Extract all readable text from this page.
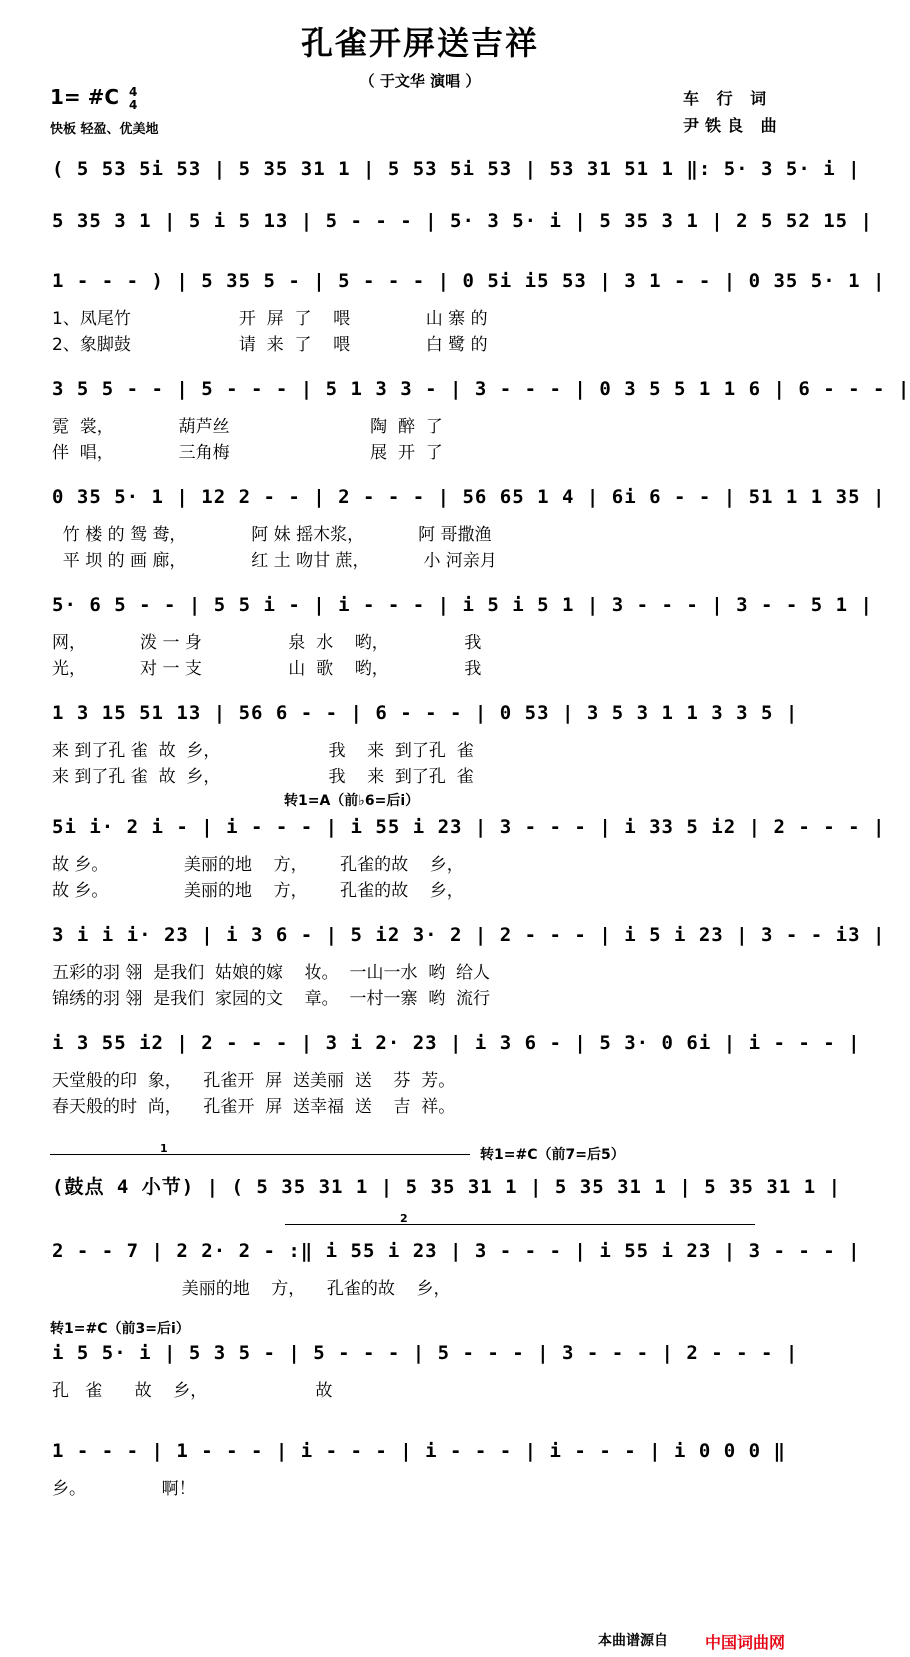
孔雀开屏送吉祥
（ 于文华 演唱 ）
1= #C 4
4
快板 轻盈、优美地
车 行 词
尹铁良 曲
( 5 53 5i 53 | 5 35 31 1 | 5 53 5i 53 | 53 31 51 1 ‖: 5· 3 5· i |
5 35 3 1 | 5 i 5 13 | 5 - - - | 5· 3 5· i | 5 35 3 1 | 2 5 52 15 |
1 - - - ) | 5 35 5 - | 5 - - - | 0 5i i5 53 | 3 1 - - | 0 35 5· 1 |
1、凤尾竹                    开  屏  了    喂              山 寨 的
2、象脚鼓                    请  来  了    喂              白 鹭 的
3 5 5 - - | 5 - - - | 5 1 3 3 - | 3 - - - | 0 3 5 5 1 1 6 | 6 - - - |
霓  裳，            葫芦丝                          陶  醉  了
伴  唱，            三角梅                          展  开  了
0 35 5· 1 | 12 2 - - | 2 - - - | 56 65 1 4 | 6i 6 - - | 51 1 1 35 |
竹 楼 的 鸳 鸯，            阿 妹 摇木浆，          阿 哥撒渔
平 坝 的 画 廊，            红 土 吻甘 蔗，          小 河亲月
5· 6 5 - - | 5 5 i - | i - - - | i 5 i 5 1 | 3 - - - | 3 - - 5 1 |
网，          泼 一 身                泉  水    哟，              我
光，          对 一 支                山  歌    哟，              我
1 3 15 51 13 | 56 6 - - | 6 - - - | 0 53 | 3 5 3 1 1 3 3 5 |
来 到了孔 雀  故  乡，                    我    来  到了孔  雀
来 到了孔 雀  故  乡，                    我    来  到了孔  雀
转1=A（前♭6=后i）
5i i· 2 i - | i - - - | i 55 i 23 | 3 - - - | i 33 5 i2 | 2 - - - |
故 乡。              美丽的地    方，      孔雀的故    乡，
故 乡。              美丽的地    方，      孔雀的故    乡，
3 i i i· 23 | i 3 6 - | 5 i2 3· 2 | 2 - - - | i 5 i 23 | 3 - - i3 |
五彩的羽 翎  是我们  姑娘的嫁    妆。  一山一水  哟  给人
锦绣的羽 翎  是我们  家园的文    章。  一村一寨  哟  流行
i 3 55 i2 | 2 - - - | 3 i 2· 23 | i 3 6 - | 5 3· 0 6i | i - - - |
天堂般的印  象，    孔雀开  屏  送美丽  送    芬  芳。
春天般的时  尚，    孔雀开  屏  送幸福  送    吉  祥。
1	转1=#C（前7=后5）
(鼓点 4 小节) | ( 5 35 31 1 | 5 35 31 1 | 5 35 31 1 | 5 35 31 1 |
2
2 - - 7 | 2 2· 2 - :‖ i 55 i 23 | 3 - - - | i 55 i 23 | 3 - - - |
美丽的地    方，    孔雀的故    乡，
转1=#C（前3=后i）
i 5 5· i | 5 3 5 - | 5 - - - | 5 - - - | 3 - - - | 2 - - - |
孔   雀      故    乡，                    故
1 - - - | 1 - - - | i - - - | i - - - | i - - - | i 0 0 0 ‖
乡。              啊！
本曲谱源自 中国词曲网
